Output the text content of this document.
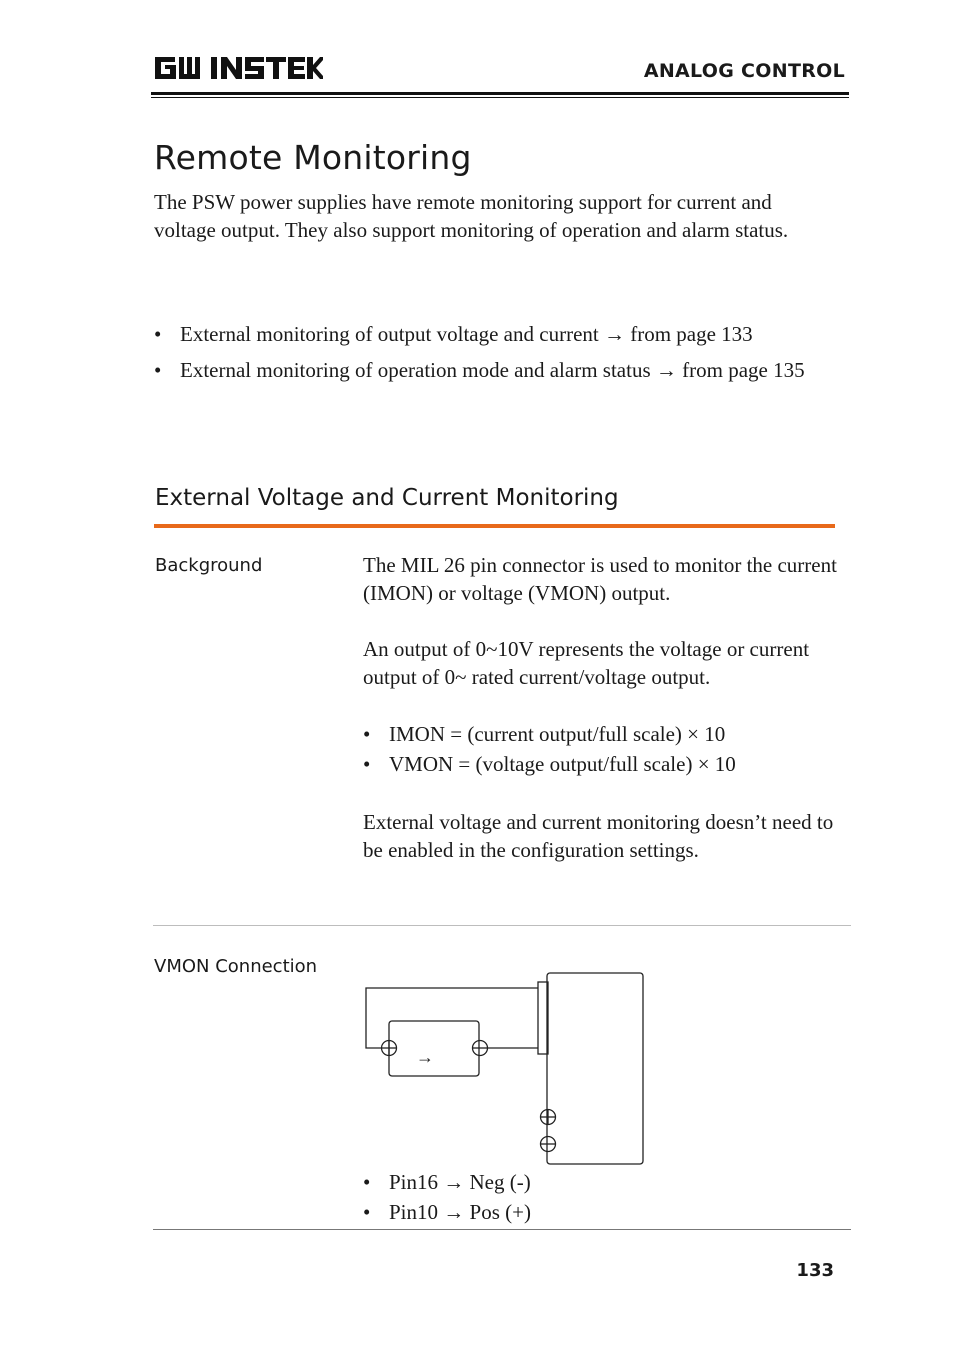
ANALOG CONTROL
Remote Monitoring
The PSW power supplies have remote monitoring support for current and voltage output. They also support monitoring of operation and alarm status.
• External monitoring of output voltage and current → from page 133
• External monitoring of operation mode and alarm status → from page 135
External Voltage and Current Monitoring
Background	The MIL 26 pin connector is used to monitor the current (IMON) or voltage (VMON) output.
An output of 0~10V represents the voltage or current output of 0~ rated current/voltage output.
• IMON = (current output/full scale) × 10
• VMON = (voltage output/full scale) × 10
External voltage and current monitoring doesn’t need to be enabled in the configuration settings.
VMON Connection
→
• Pin16 → Neg (-)
• Pin10 → Pos (+)
133
